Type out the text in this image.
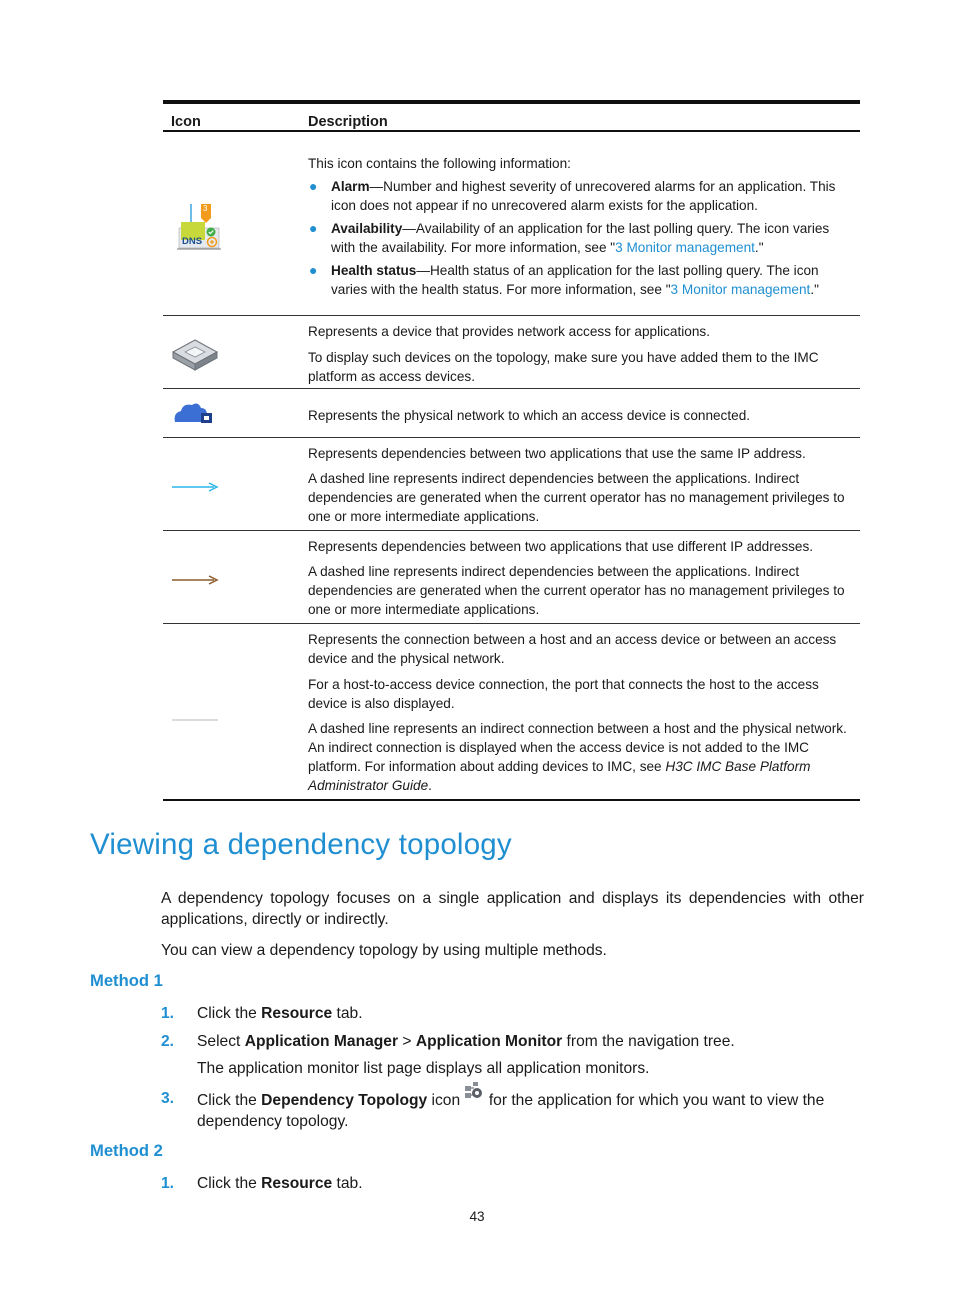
Icon	Description
3
DNS

This icon contains the following information:

● Alarm—Number and highest severity of unrecovered alarms for an application. This icon does not appear if no unrecovered alarm exists for the application.
● Availability—Availability of an application for the last polling query. The icon varies with the availability. For more information, see "3 Monitor management."
● Health status—Health status of an application for the last polling query. The icon varies with the health status. For more information, see "3 Monitor management."

Represents a device that provides network access for applications.

To display such devices on the topology, make sure you have added them to the IMC platform as access devices.

Represents the physical network to which an access device is connected.

Represents dependencies between two applications that use the same IP address.

A dashed line represents indirect dependencies between the applications. Indirect dependencies are generated when the current operator has no management privileges to one or more intermediate applications.

Represents dependencies between two applications that use different IP addresses.

A dashed line represents indirect dependencies between the applications. Indirect dependencies are generated when the current operator has no management privileges to one or more intermediate applications.

Represents the connection between a host and an access device or between an access device and the physical network.

For a host-to-access device connection, the port that connects the host to the access device is also displayed.

A dashed line represents an indirect connection between a host and the physical network. An indirect connection is displayed when the access device is not added to the IMC platform. For information about adding devices to IMC, see H3C IMC Base Platform Administrator Guide.

Viewing a dependency topology

A dependency topology focuses on a single application and displays its dependencies with other applications, directly or indirectly.

You can view a dependency topology by using multiple methods.

Method 1
1. Click the Resource tab.
2. Select Application Manager > Application Monitor from the navigation tree.
The application monitor list page displays all application monitors.
3. Click the Dependency Topology icon  for the application for which you want to view the dependency topology.
Method 2
1. Click the Resource tab.
43
